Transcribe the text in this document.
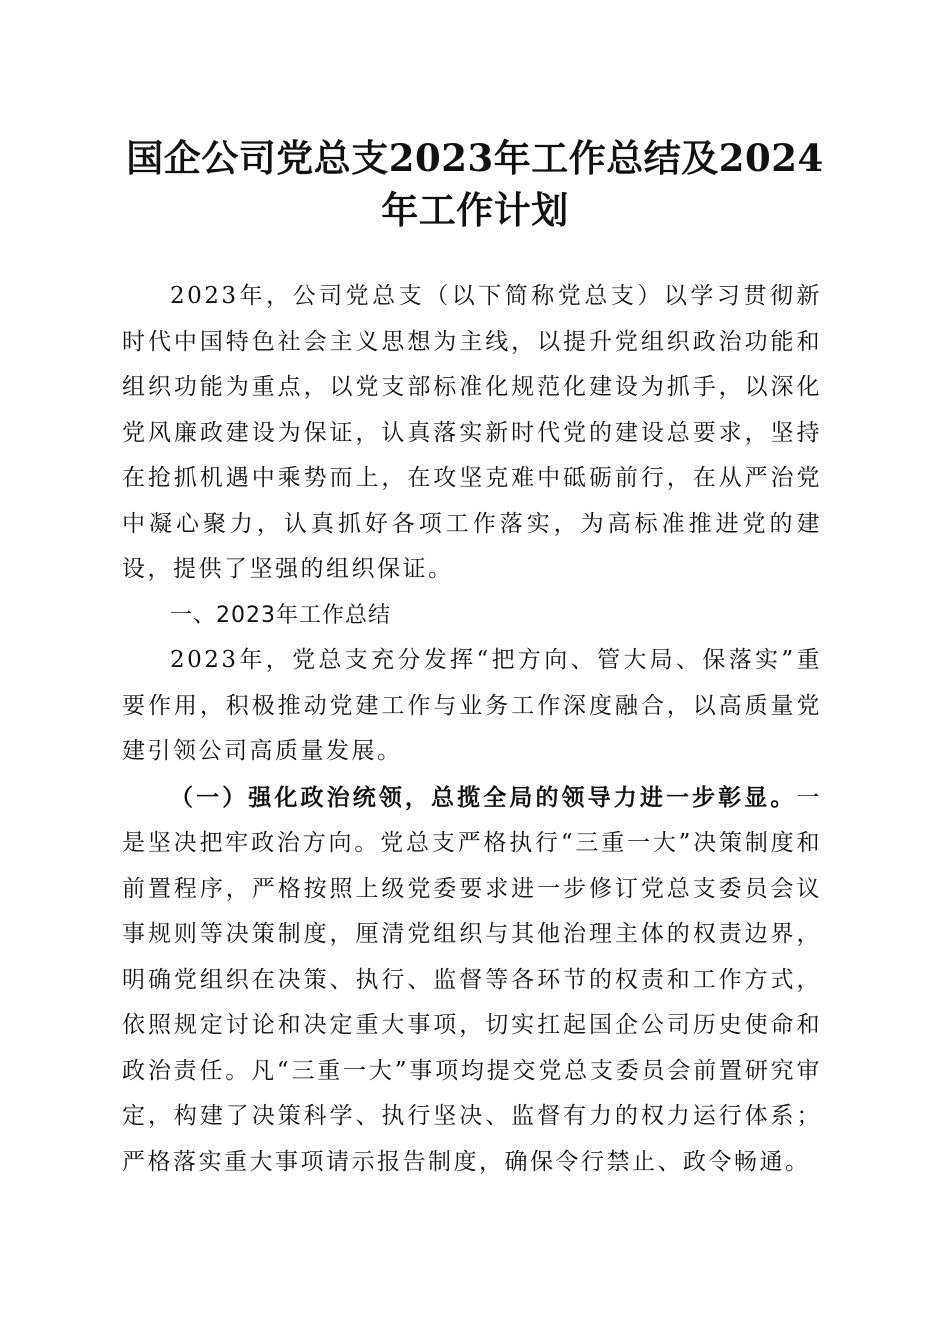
国企公司党总支2023年工作总结及2024年工作计划

2023年，公司党总支（以下简称党总支）以学习贯彻新时代中国特色社会主义思想为主线，以提升党组织政治功能和组织功能为重点，以党支部标准化规范化建设为抓手，以深化党风廉政建设为保证，认真落实新时代党的建设总要求，坚持在抢抓机遇中乘势而上，在攻坚克难中砥砺前行，在从严治党中凝心聚力，认真抓好各项工作落实，为高标准推进党的建设，提供了坚强的组织保证。

一、2023年工作总结

2023年，党总支充分发挥“把方向、管大局、保落实”重要作用，积极推动党建工作与业务工作深度融合，以高质量党建引领公司高质量发展。

（一）强化政治统领，总揽全局的领导力进一步彰显。一是坚决把牢政治方向。党总支严格执行“三重一大”决策制度和前置程序，严格按照上级党委要求进一步修订党总支委员会议事规则等决策制度，厘清党组织与其他治理主体的权责边界，明确党组织在决策、执行、监督等各环节的权责和工作方式，依照规定讨论和决定重大事项，切实扛起国企公司历史使命和政治责任。凡“三重一大”事项均提交党总支委员会前置研究审定，构建了决策科学、执行坚决、监督有力的权力运行体系；严格落实重大事项请示报告制度，确保令行禁止、政令畅通。
